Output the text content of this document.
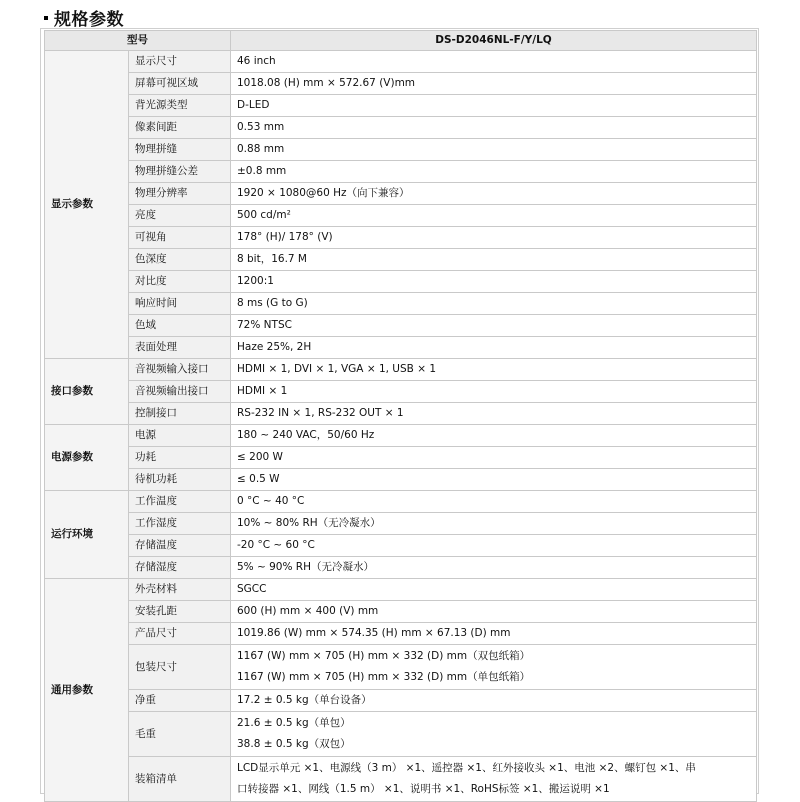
规格参数
型号		DS-D2046NL-F/Y/LQ
显示参数	显示尺寸	46 inch
	屏幕可视区域	1018.08 (H) mm × 572.67 (V)mm
	背光源类型	D-LED
	像素间距	0.53 mm
	物理拼缝	0.88 mm
	物理拼缝公差	±0.8 mm
	物理分辨率	1920 × 1080@60 Hz（向下兼容）
	亮度	500 cd/m²
	可视角	178° (H)/ 178° (V)
	色深度	8 bit，16.7 M
	对比度	1200:1
	响应时间	8 ms (G to G)
	色域	72% NTSC
	表面处理	Haze 25%, 2H
接口参数	音视频输入接口	HDMI × 1, DVI × 1, VGA × 1, USB × 1
	音视频输出接口	HDMI × 1
	控制接口	RS-232 IN × 1, RS-232 OUT × 1
电源参数	电源	180 ~ 240 VAC，50/60 Hz
	功耗	≤ 200 W
	待机功耗	≤ 0.5 W
运行环境	工作温度	0 °C ~ 40 °C
	工作湿度	10% ~ 80% RH（无冷凝水）
	存储温度	-20 °C ~ 60 °C
	存储湿度	5% ~ 90% RH（无冷凝水）
通用参数	外壳材料	SGCC
	安装孔距	600 (H) mm × 400 (V) mm
	产品尺寸	1019.86 (W) mm × 574.35 (H) mm × 67.13 (D) mm
	包装尺寸	1167 (W) mm × 705 (H) mm × 332 (D) mm（双包纸箱）
1167 (W) mm × 705 (H) mm × 332 (D) mm（单包纸箱）

	净重	17.2 ± 0.5 kg（单台设备）
	毛重	21.6 ± 0.5 kg（单包）
38.8 ± 0.5 kg（双包）

	装箱清单	LCD显示单元 ×1、电源线（3 m） ×1、遥控器 ×1、红外接收头 ×1、电池 ×2、螺钉包 ×1、串
口转接器 ×1、网线（1.5 m） ×1、说明书 ×1、RoHS标签 ×1、搬运说明 ×1
